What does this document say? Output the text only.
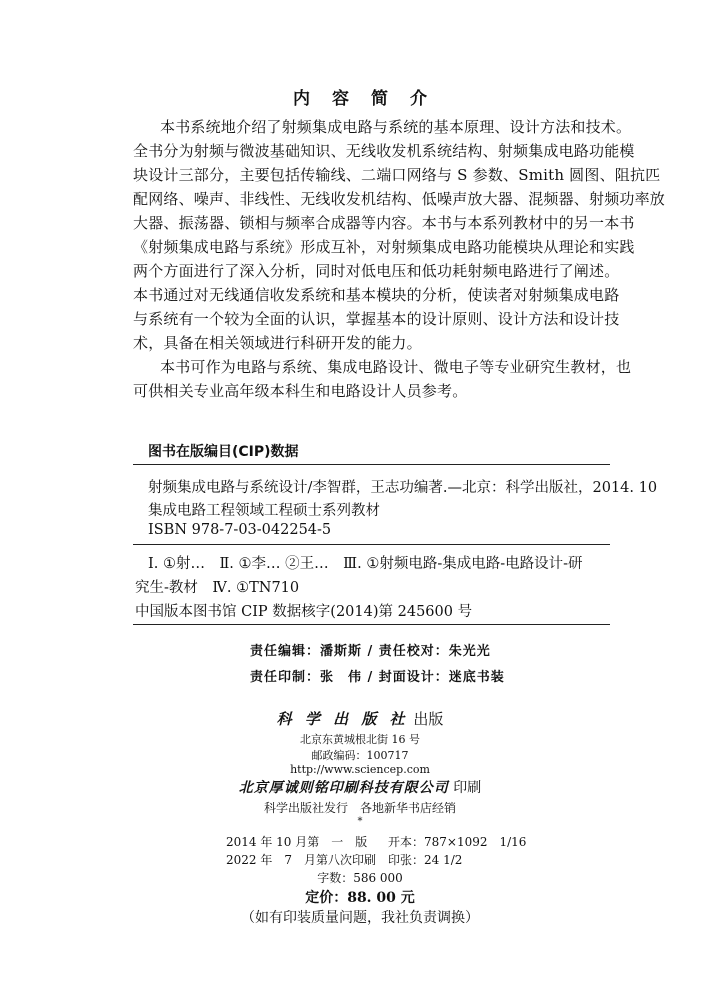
内容简介
本书系统地介绍了射频集成电路与系统的基本原理、设计方法和技术。
全书分为射频与微波基础知识、无线收发机系统结构、射频集成电路功能模
块设计三部分，主要包括传输线、二端口网络与 S 参数、Smith 圆图、阻抗匹
配网络、噪声、非线性、无线收发机结构、低噪声放大器、混频器、射频功率放
大器、振荡器、锁相与频率合成器等内容。本书与本系列教材中的另一本书
《射频集成电路与系统》形成互补，对射频集成电路功能模块从理论和实践
两个方面进行了深入分析，同时对低电压和低功耗射频电路进行了阐述。
本书通过对无线通信收发系统和基本模块的分析，使读者对射频集成电路
与系统有一个较为全面的认识，掌握基本的设计原则、设计方法和设计技
术，具备在相关领域进行科研开发的能力。
本书可作为电路与系统、集成电路设计、微电子等专业研究生教材，也
可供相关专业高年级本科生和电路设计人员参考。
图书在版编目(CIP)数据
射频集成电路与系统设计/李智群，王志功编著.—北京：科学出版社，2014. 10
集成电路工程领域工程硕士系列教材
ISBN 978-7-03-042254-5
Ⅰ. ①射…　Ⅱ. ①李… ②王…　Ⅲ. ①射频电路-集成电路-电路设计-研
究生-教材　Ⅳ. ①TN710
中国版本图书馆 CIP 数据核字(2014)第 245600 号
责任编辑：潘斯斯 / 责任校对：朱光光
责任印制：张　伟 / 封面设计：迷底书装
科 学 出 版 社 出版
北京东黄城根北街 16 号
邮政编码：100717
http://www.sciencep.com
北京厚诚则铭印刷科技有限公司 印刷
科学出版社发行　各地新华书店经销
*
2014 年 10 月第　一　版 开本：787×1092　1/16
2022 年　7　月第八次印刷 印张：24 1/2
字数：586 000
定价：88. 00 元
（如有印装质量问题，我社负责调换）
